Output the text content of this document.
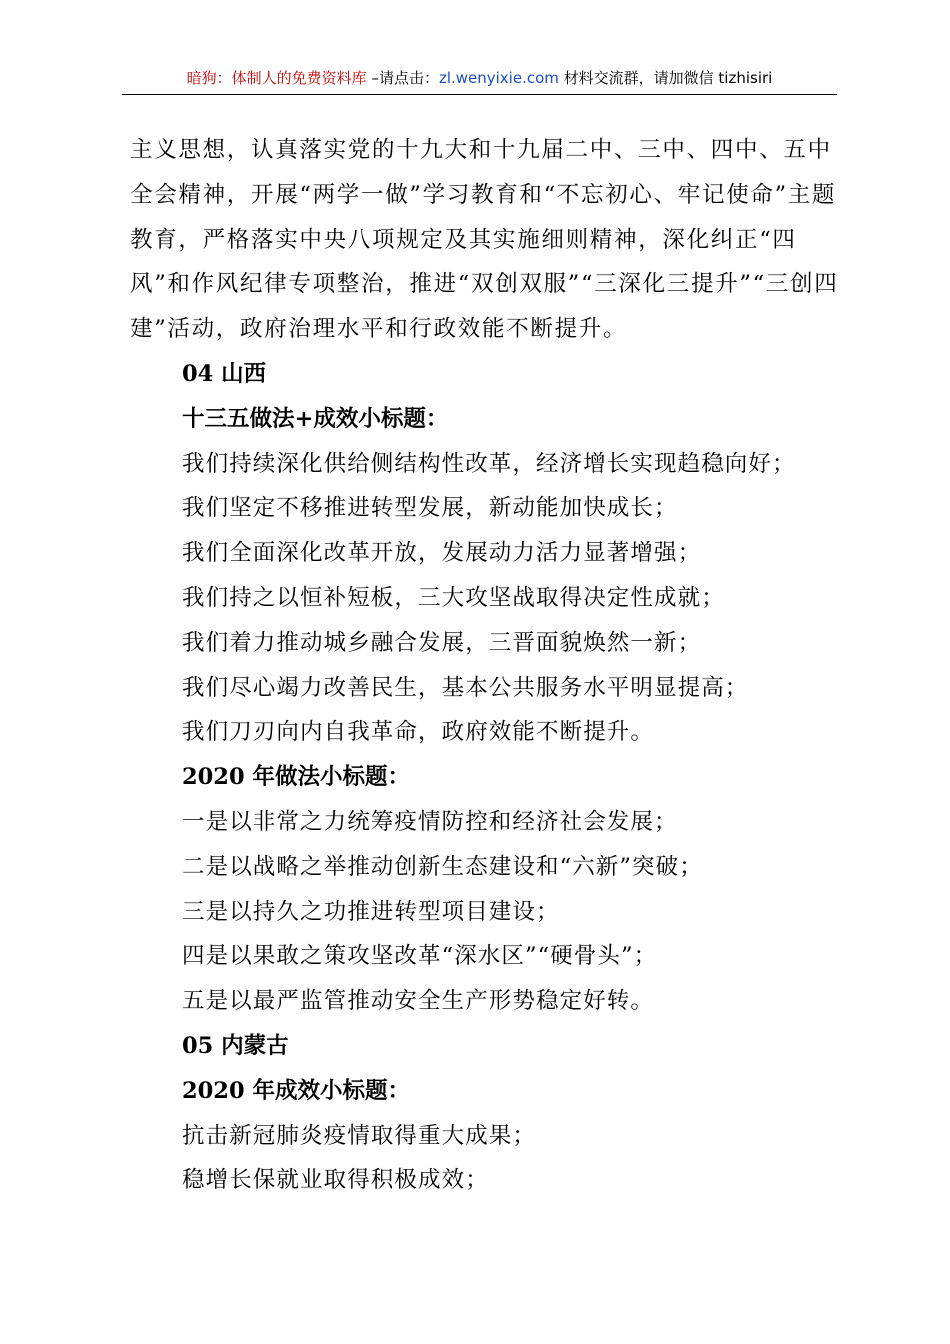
暗狗：体制人的免费资料库 –请点击：zl.wenyixie.com 材料交流群，请加微信 tizhisiri

主义思想，认真落实党的十九大和十九届二中、三中、四中、五中全会精神，开展“两学一做”学习教育和“不忘初心、牢记使命”主题教育，严格落实中央八项规定及其实施细则精神，深化纠正“四风”和作风纪律专项整治，推进“双创双服”“三深化三提升”“三创四建”活动，政府治理水平和行政效能不断提升。

04 山西

十三五做法+成效小标题：

我们持续深化供给侧结构性改革，经济增长实现趋稳向好；

我们坚定不移推进转型发展，新动能加快成长；

我们全面深化改革开放，发展动力活力显著增强；

我们持之以恒补短板，三大攻坚战取得决定性成就；

我们着力推动城乡融合发展，三晋面貌焕然一新；

我们尽心竭力改善民生，基本公共服务水平明显提高；

我们刀刃向内自我革命，政府效能不断提升。

2020 年做法小标题：

一是以非常之力统筹疫情防控和经济社会发展；

二是以战略之举推动创新生态建设和“六新”突破；

三是以持久之功推进转型项目建设；

四是以果敢之策攻坚改革“深水区”“硬骨头”；

五是以最严监管推动安全生产形势稳定好转。

05 内蒙古

2020 年成效小标题：

抗击新冠肺炎疫情取得重大成果；

稳增长保就业取得积极成效；
